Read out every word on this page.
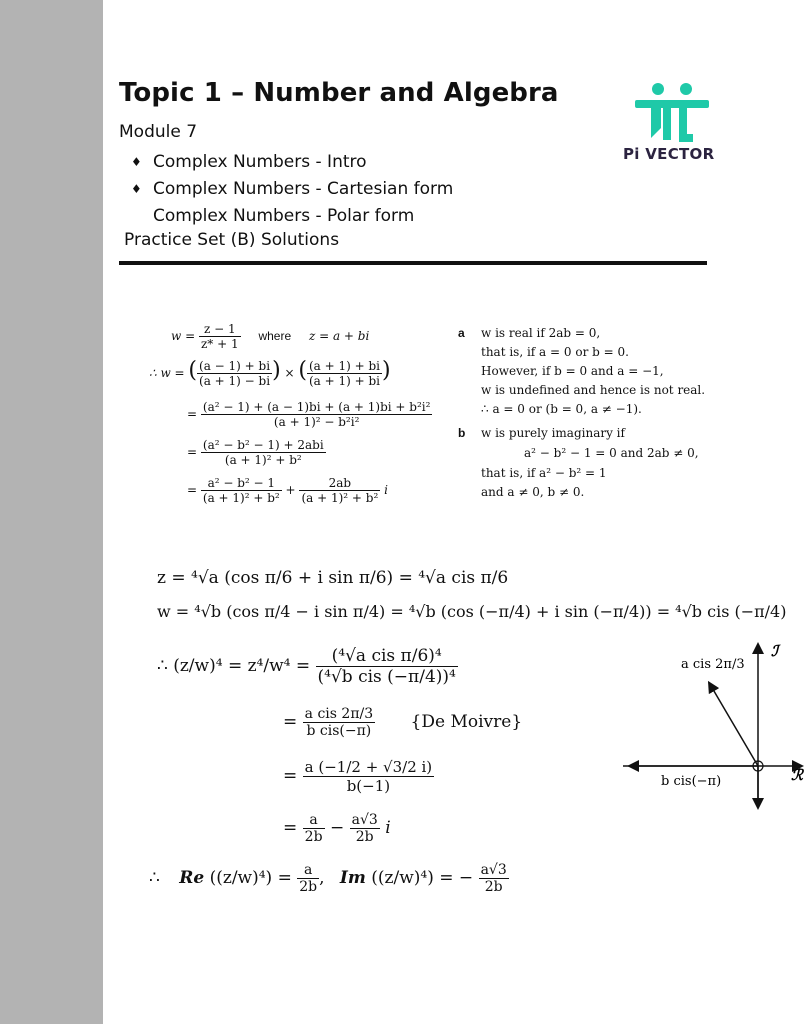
Topic 1 – Number and Algebra
Module 7
♦ Complex Numbers - Intro
♦ Complex Numbers - Cartesian form
Complex Numbers - Polar form
Practice Set (B) Solutions
Pi VECTOR
$w = \frac{z - 1}{z* + 1}$ where z = a + bi
∴ w = ( $\frac{(a - 1) + bi}{(a + 1) - bi}$ ) × ( $\frac{(a + 1) + bi}{(a + 1) + bi}$ )
= $\frac{\text{(a² − 1) + (a − 1)bi + (a + 1)bi + b²i²}}{\text{(a + 1)² − b²i²}}$
= $\frac{\text{(a² − b² − 1) + 2abi}}{\text{(a + 1)² + b²}}$
= $\frac{\text{a² − b² − 1}}{\text{(a + 1)² + b²}} + \frac{2ab}{\text{(a + 1)² + b²}}$ i
a w is real if 2ab = 0,
that is, if a = 0 or b = 0.
However, if b = 0 and a = −1,
w is undefined and hence is not real.
∴ a = 0 or (b = 0, a ≠ −1).
b w is purely imaginary if
a² − b² − 1 = 0 and 2ab ≠ 0,
that is, if a² − b² = 1
and a ≠ 0, b ≠ 0.
z = ⁴√a (cos π/6 + i sin π/6) = ⁴√a cis π/6
w = ⁴√b (cos π/4 − i sin π/4) = ⁴√b (cos (−π/4) + i sin (−π/4)) = ⁴√b cis (−π/4)
∴ $(z/w)^4 = z^4/w^4 = \frac{\text{(⁴√a cis π/6)⁴}}{\text{(⁴√b cis (−π/4))⁴}}$
= $\frac{\text{a cis 2π/3}}{\text{b cis(−π)}} \{De$ Moivre}
= $\frac{a (-1/2 + √3/2 i)}{b(-1)}$
= $\frac{a}{2b} - \frac{a√3}{2b}$ i
∴ Re $((z/w)^4) = \frac{a}{2b}$ , Im ((z/w)⁴) = − $\frac{a√3}{2b}$
a cis 2π/3
b cis(−π)
ℐ
ℛ
